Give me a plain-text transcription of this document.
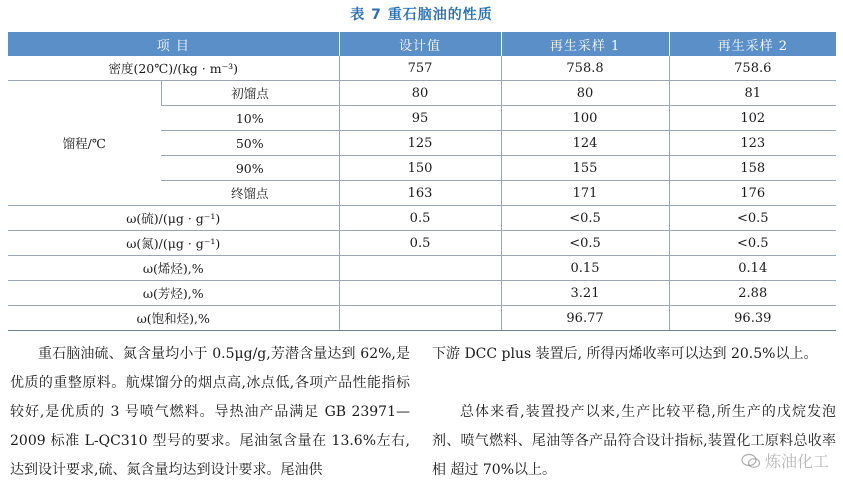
表 7 重石脑油的性质
项 目		设计值	再生采样 1	再生采样 2
密度(20℃)/(kg · m⁻³)		757	758.8	758.6
馏程/℃	初馏点	80	80	81
	10%	95	100	102
	50%	125	124	123
	90%	150	155	158
	终馏点	163	171	176
ω(硫)/(μg · g⁻¹)		0.5	<0.5	<0.5
ω(氮)/(μg · g⁻¹)		0.5	<0.5	<0.5
ω(烯烃),%			0.15	0.14
ω(芳烃),%			3.21	2.88
ω(饱和烃),%			96.77	96.39

重石脑油硫、氮含量均小于 0.5μg/g,芳潜含量达到 62%,是优质的重整原料。航煤馏分的烟点高,冰点低,各项产品性能指标较好,是优质的 3 号喷气燃料。导热油产品满足 GB 23971—2009 标准 L-QC310 型号的要求。尾油氢含量在 13.6%左右,达到设计要求,硫、氮含量均达到设计要求。尾油供

下游 DCC plus 装置后, 所得丙烯收率可以达到 20.5%以上。

总体来看,装置投产以来,生产比较平稳,所生产的戊烷发泡剂、喷气燃料、尾油等各产品符合设计指标,装置化工原料总收率相 超过 70%以上。	炼油化工
